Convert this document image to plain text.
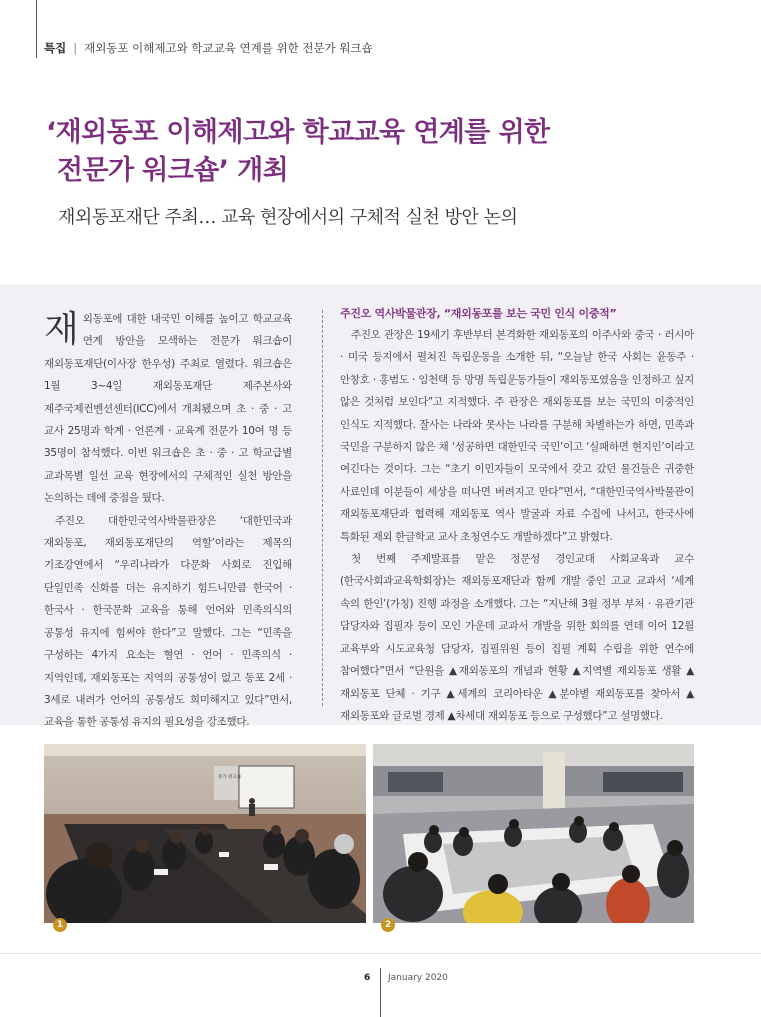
특집 | 재외동포 이해제고와 학교교육 연계를 위한 전문가 워크숍
‘재외동포 이해제고와 학교교육 연계를 위한
전문가 워크숍’ 개최
재외동포재단 주최… 교육 현장에서의 구체적 실천 방안 논의

재외동포에 대한 내국민 이해를 높이고 학교교육 연계 방안을 모색하는 전문가 워크숍이 재외동포재단(이사장 한우성) 주최로 열렸다. 워크숍은 1월 3~4일 재외동포재단 제주본사와 제주국제컨벤션센터(ICC)에서 개최됐으며 초 · 중 · 고 교사 25명과 학계 · 언론계 · 교육계 전문가 10여 명 등 35명이 참석했다. 이번 워크숍은 초 · 중 · 고 학교급별 교과목별 일선 교육 현장에서의 구체적인 실천 방안을 논의하는 데에 중점을 뒀다.

주진오 대한민국역사박물관장은 ‘대한민국과 재외동포, 재외동포재단의 역할’이라는 제목의 기조강연에서 “우리나라가 다문화 사회로 진입해 단일민족 신화를 더는 유지하기 힘드니만큼 한국어 · 한국사 · 한국문화 교육을 통해 언어와 민족의식의 공통성 유지에 힘써야 한다”고 말했다. 그는 “민족을 구성하는 4가지 요소는 혈연 · 언어 · 민족의식 · 지역인데, 재외동포는 지역의 공통성이 없고 동포 2세 · 3세로 내려가 언어의 공통성도 희미해지고 있다”면서, 교육을 통한 공통성 유지의 필요성을 강조했다.

주진오 역사박물관장, “재외동포를 보는 국민 인식 이중적”

주진오 관장은 19세기 후반부터 본격화한 재외동포의 이주사와 중국 · 러시아 · 미국 등지에서 펼쳐진 독립운동을 소개한 뒤, “오늘날 한국 사회는 윤동주 · 안창호 · 홍범도 · 임천택 등 망명 독립운동가들이 재외동포였음을 인정하고 싶지 않은 것처럼 보인다”고 지적했다. 주 관장은 재외동포를 보는 국민의 이중적인 인식도 지적했다. 잘사는 나라와 못사는 나라를 구분해 차별하는가 하면, 민족과 국민을 구분하지 않은 채 ‘성공하면 대한민국 국민’이고 ‘실패하면 현지인’이라고 여긴다는 것이다. 그는 “초기 이민자들이 모국에서 갖고 갔던 물건들은 귀중한 사료인데 이분들이 세상을 떠나면 버려지고 만다”면서, “대한민국역사박물관이 재외동포재단과 협력해 재외동포 역사 발굴과 자료 수집에 나서고, 한국사에 특화된 재외 한글학교 교사 초청연수도 개발하겠다”고 밝혔다.

첫 번째 주제발표를 맡은 정문성 경인교대 사회교육과 교수(한국사회과교육학회장)는 재외동포재단과 함께 개발 중인 고교 교과서 ‘세계 속의 한인’(가칭) 진행 과정을 소개했다. 그는 “지난해 3월 정부 부처 · 유관기관 담당자와 집필자 등이 모인 가운데 교과서 개발을 위한 회의를 연데 이어 12월 교육부와 시도교육청 담당자, 집필위원 등이 집필 계획 수립을 위한 연수에 참여했다”면서 “단원을 ▲재외동포의 개념과 현황 ▲지역별 재외동포 생활 ▲재외동포 단체 · 기구 ▲세계의 코리아타운 ▲분야별 재외동포를 찾아서 ▲재외동포와 글로벌 경제 ▲차세대 재외동포 등으로 구성했다”고 설명했다.

문가 워크숍
1	2
6 January 2020
